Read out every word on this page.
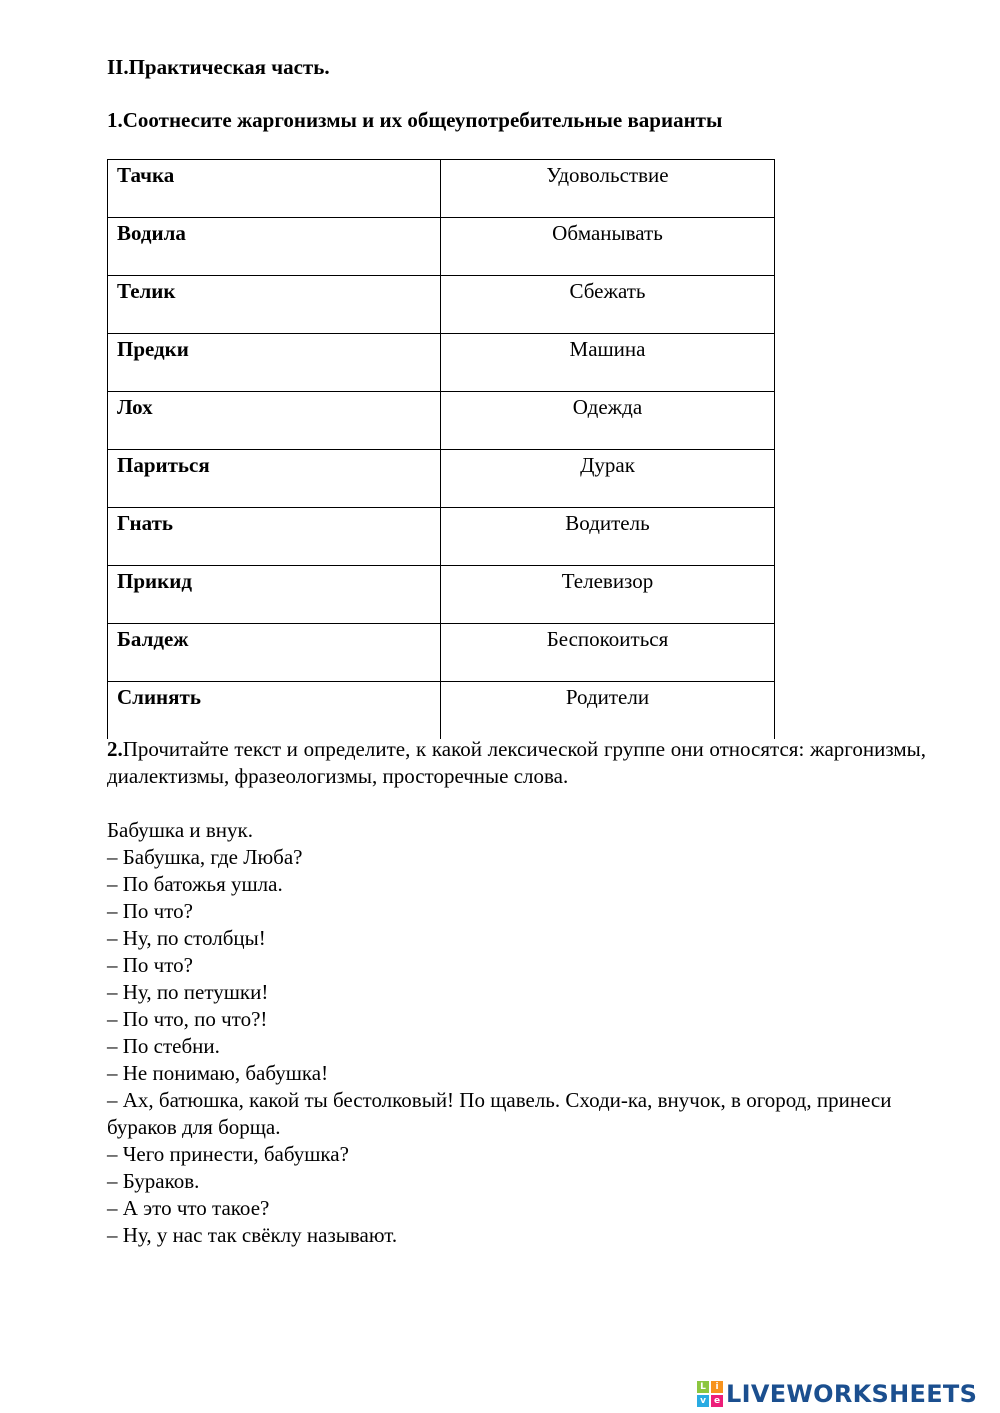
II.Практическая часть.
1.Соотнесите жаргонизмы и их общеупотребительные варианты
Тачка	Удовольствие
Водила	Обманывать
Телик	Сбежать
Предки	Машина
Лох	Одежда
Париться	Дурак
Гнать	Водитель
Прикид	Телевизор
Балдеж	Беспокоиться
Слинять	Родители

2.Прочитайте текст и определите, к какой лексической группе они относятся: жаргонизмы, диалектизмы, фразеологизмы, просторечные слова.

Бабушка и внук.
– Бабушка, где Люба?
– По батожья ушла.
– По что?
– Ну, по столбцы!
– По что?
– Ну, по петушки!
– По что, по что?!
– По стебни.
– Не понимаю, бабушка!
– Ах, батюшка, какой ты бестолковый! По щавель. Сходи-ка, внучок, в огород, принеси бураков для борща.
– Чего принести, бабушка?
– Бураков.
– А это что такое?
– Ну, у нас так свёклу называют.
L	i
v e LIVEWORKSHEETS
